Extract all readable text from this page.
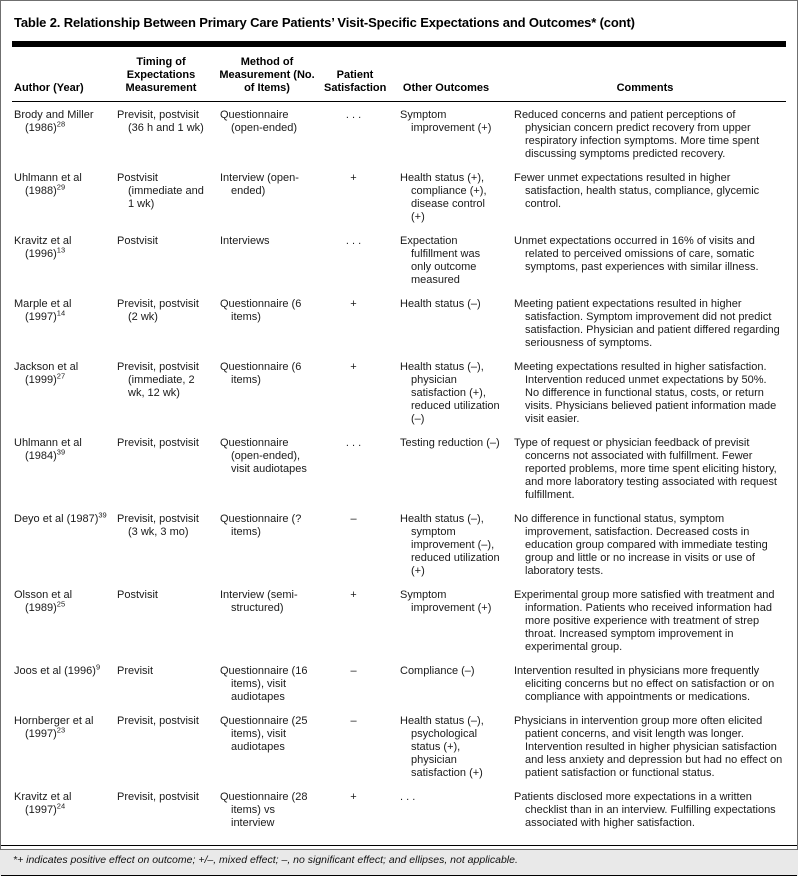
Table 2. Relationship Between Primary Care Patients’ Visit-Specific Expectations and Outcomes* (cont)
Author (Year)	Timing of Expectations Measurement	Method of Measurement (No. of Items)	Patient Satisfaction	Other Outcomes	Comments

Brody and Miller (1986)$^{28}$	Previsit, postvisit (36 h and 1 wk)	Questionnaire (open-ended)	. . .	Symptom improvement (+)	Reduced concerns and patient perceptions of physician concern predict recovery from upper respiratory infection symptoms. More time spent discussing symptoms predicted recovery.

Uhlmann et al (1988)$^{29}$	Postvisit (immediate and 1 wk)	Interview (open-ended)	+	Health status (+), compliance (+), disease control (+)	Fewer unmet expectations resulted in higher satisfaction, health status, compliance, glycemic control.

Kravitz et al (1996)$^{13}$	Postvisit	Interviews	. . .	Expectation fulfillment was only outcome measured	Unmet expectations occurred in 16% of visits and related to perceived omissions of care, somatic symptoms, past experiences with similar illness.

Marple et al (1997)$^{14}$	Previsit, postvisit (2 wk)	Questionnaire (6 items)	+	Health status (–)	Meeting patient expectations resulted in higher satisfaction. Symptom improvement did not predict satisfaction. Physician and patient differed regarding seriousness of symptoms.

Jackson et al (1999)$^{27}$	Previsit, postvisit (immediate, 2 wk, 12 wk)	Questionnaire (6 items)	+	Health status (–), physician satisfaction (+), reduced utilization (–)	Meeting expectations resulted in higher satisfaction. Intervention reduced unmet expectations by 50%. No difference in functional status, costs, or return visits. Physicians believed patient information made visit easier.

Uhlmann et al (1984)$^{39}$	Previsit, postvisit	Questionnaire (open-ended), visit audiotapes	. . .	Testing reduction (–)	Type of request or physician feedback of previsit concerns not associated with fulfillment. Fewer reported problems, more time spent eliciting history, and more laboratory testing associated with request fulfillment.

Deyo et al (1987)$^{39}$	Previsit, postvisit (3 wk, 3 mo)	Questionnaire (? items)	–	Health status (–), symptom improvement (–), reduced utilization (+)	No difference in functional status, symptom improvement, satisfaction. Decreased costs in education group compared with immediate testing group and little or no increase in visits or use of laboratory tests.

Olsson et al (1989)$^{25}$	Postvisit	Interview (semi-structured)	+	Symptom improvement (+)	Experimental group more satisfied with treatment and information. Patients who received information had more positive experience with treatment of strep throat. Increased symptom improvement in experimental group.

Joos et al (1996)$^9$	Previsit	Questionnaire (16 items), visit audiotapes	–	Compliance (–)	Intervention resulted in physicians more frequently eliciting concerns but no effect on satisfaction or on compliance with appointments or medications.

Hornberger et al (1997)$^{23}$	Previsit, postvisit	Questionnaire (25 items), visit audiotapes	–	Health status (–), psychological status (+), physician satisfaction (+)	Physicians in intervention group more often elicited patient concerns, and visit length was longer. Intervention resulted in higher physician satisfaction and less anxiety and depression but had no effect on patient satisfaction or functional status.

Kravitz et al (1997)$^{24}$	Previsit, postvisit	Questionnaire (28 items) vs interview	+	. . .	Patients disclosed more expectations in a written checklist than in an interview. Fulfilling expectations associated with higher satisfaction.
*+ indicates positive effect on outcome; +/–, mixed effect; –, no significant effect; and ellipses, not applicable.
